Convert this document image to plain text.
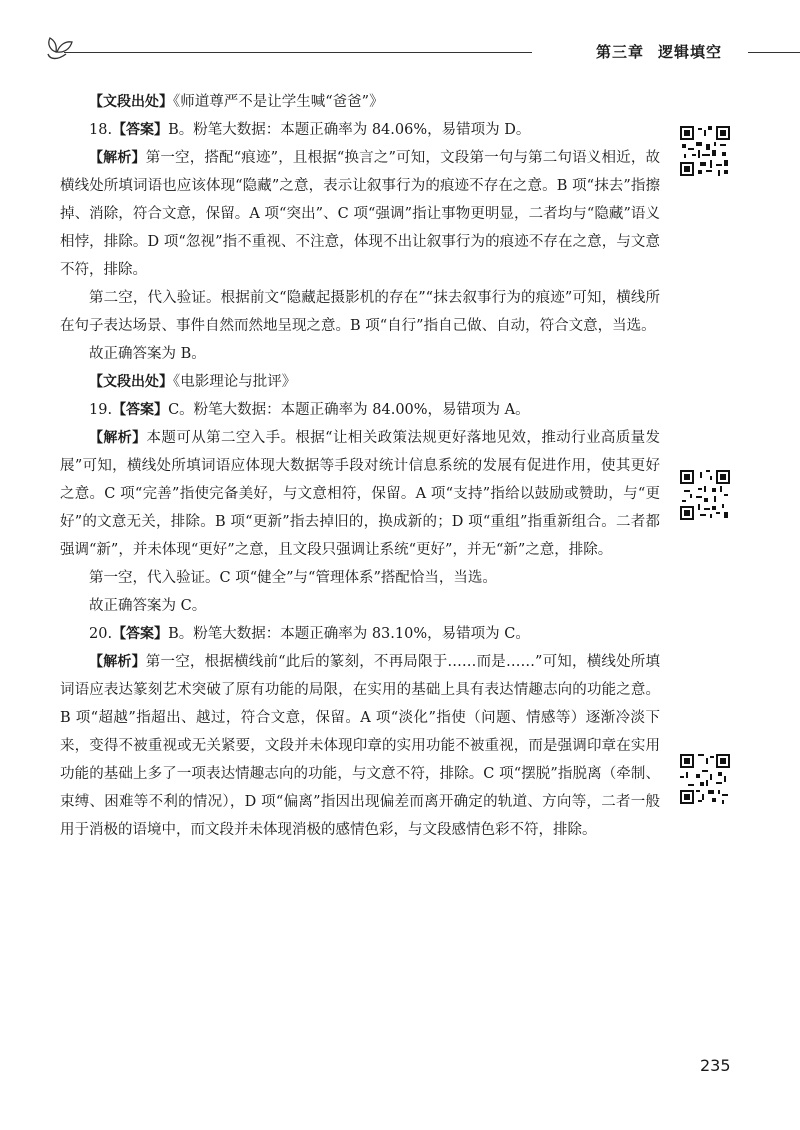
第三章 逻辑填空

【文段出处】《师道尊严不是让学生喊“爸爸”》

18.【答案】B。粉笔大数据：本题正确率为 84.06%，易错项为 D。

【解析】第一空，搭配“痕迹”，且根据“换言之”可知，文段第一句与第二句语义相近，故横线处所填词语也应该体现“隐藏”之意，表示让叙事行为的痕迹不存在之意。B 项“抹去”指擦掉、消除，符合文意，保留。A 项“突出”、C 项“强调”指让事物更明显，二者均与“隐藏”语义相悖，排除。D 项“忽视”指不重视、不注意，体现不出让叙事行为的痕迹不存在之意，与文意不符，排除。

第二空，代入验证。根据前文“隐藏起摄影机的存在”“抹去叙事行为的痕迹”可知，横线所在句子表达场景、事件自然而然地呈现之意。B 项“自行”指自己做、自动，符合文意，当选。

故正确答案为 B。

【文段出处】《电影理论与批评》

19.【答案】C。粉笔大数据：本题正确率为 84.00%，易错项为 A。

【解析】本题可从第二空入手。根据“让相关政策法规更好落地见效，推动行业高质量发展”可知，横线处所填词语应体现大数据等手段对统计信息系统的发展有促进作用，使其更好之意。C 项“完善”指使完备美好，与文意相符，保留。A 项“支持”指给以鼓励或赞助，与“更好”的文意无关，排除。B 项“更新”指去掉旧的，换成新的；D 项“重组”指重新组合。二者都强调“新”，并未体现“更好”之意，且文段只强调让系统“更好”，并无“新”之意，排除。

第一空，代入验证。C 项“健全”与“管理体系”搭配恰当，当选。

故正确答案为 C。

20.【答案】B。粉笔大数据：本题正确率为 83.10%，易错项为 C。

【解析】第一空，根据横线前“此后的篆刻，不再局限于……而是……”可知，横线处所填词语应表达篆刻艺术突破了原有功能的局限，在实用的基础上具有表达情趣志向的功能之意。B 项“超越”指超出、越过，符合文意，保留。A 项“淡化”指使（问题、情感等）逐渐冷淡下来，变得不被重视或无关紧要，文段并未体现印章的实用功能不被重视，而是强调印章在实用功能的基础上多了一项表达情趣志向的功能，与文意不符，排除。C 项“摆脱”指脱离（牵制、束缚、困难等不利的情况），D 项“偏离”指因出现偏差而离开确定的轨道、方向等，二者一般用于消极的语境中，而文段并未体现消极的感情色彩，与文段感情色彩不符，排除。

235
